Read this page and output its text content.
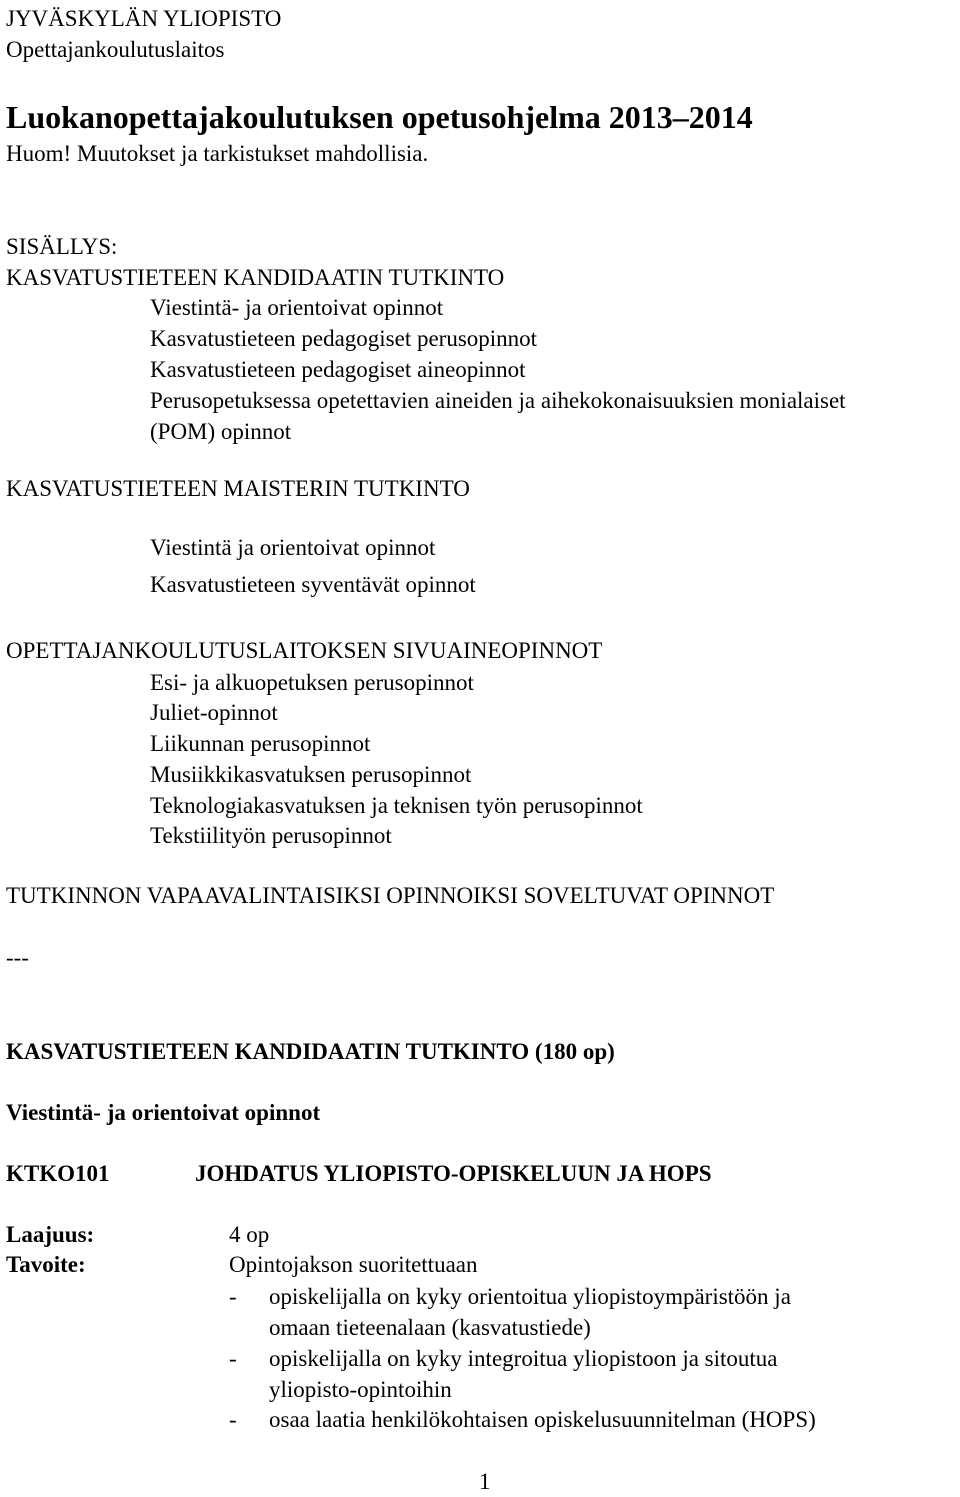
JYVÄSKYLÄN YLIOPISTO
Opettajankoulutuslaitos
Luokanopettajakoulutuksen opetusohjelma 2013–2014
Huom! Muutokset ja tarkistukset mahdollisia.
SISÄLLYS:
KASVATUSTIETEEN KANDIDAATIN TUTKINTO
Viestintä- ja orientoivat opinnot
Kasvatustieteen pedagogiset perusopinnot
Kasvatustieteen pedagogiset aineopinnot
Perusopetuksessa opetettavien aineiden ja aihekokonaisuuksien monialaiset
(POM) opinnot
KASVATUSTIETEEN MAISTERIN TUTKINTO
Viestintä ja orientoivat opinnot
Kasvatustieteen syventävät opinnot
OPETTAJANKOULUTUSLAITOKSEN SIVUAINEOPINNOT
Esi- ja alkuopetuksen perusopinnot
Juliet-opinnot
Liikunnan perusopinnot
Musiikkikasvatuksen perusopinnot
Teknologiakasvatuksen ja teknisen työn perusopinnot
Tekstiilityön perusopinnot
TUTKINNON VAPAAVALINTAISIKSI OPINNOIKSI SOVELTUVAT OPINNOT
---
KASVATUSTIETEEN KANDIDAATIN TUTKINTO (180 op)
Viestintä- ja orientoivat opinnot
KTKO101	JOHDATUS YLIOPISTO-OPISKELUUN JA HOPS
Laajuus:	4 op
Tavoite:	Opintojakson suoritettuaan
- opiskelijalla on kyky orientoitua yliopistoympäristöön ja
omaan tieteenalaan (kasvatustiede)
- opiskelijalla on kyky integroitua yliopistoon ja sitoutua
yliopisto-opintoihin
- osaa laatia henkilökohtaisen opiskelusuunnitelman (HOPS)
1
